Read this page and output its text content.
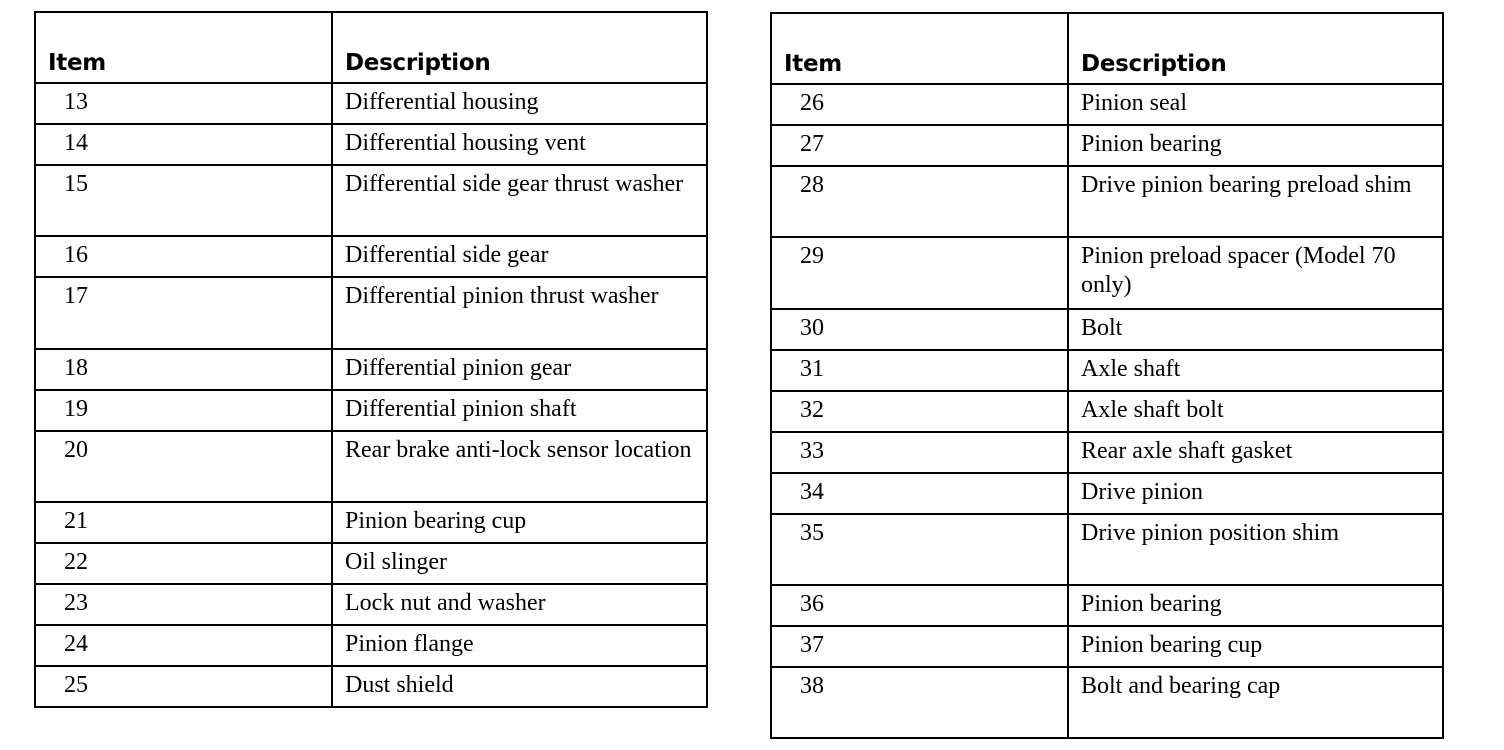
Item	Description
13	Differential housing
14	Differential housing vent
15	Differential side gear thrust washer
16	Differential side gear
17	Differential pinion thrust washer
18	Differential pinion gear
19	Differential pinion shaft
20	Rear brake anti-lock sensor location
21	Pinion bearing cup
22	Oil slinger
23	Lock nut and washer
24	Pinion flange
25	Dust shield
Item	Description
26	Pinion seal
27	Pinion bearing
28	Drive pinion bearing preload shim
29	Pinion preload spacer (Model 70 only)
30	Bolt
31	Axle shaft
32	Axle shaft bolt
33	Rear axle shaft gasket
34	Drive pinion
35	Drive pinion position shim
36	Pinion bearing
37	Pinion bearing cup
38	Bolt and bearing cap
